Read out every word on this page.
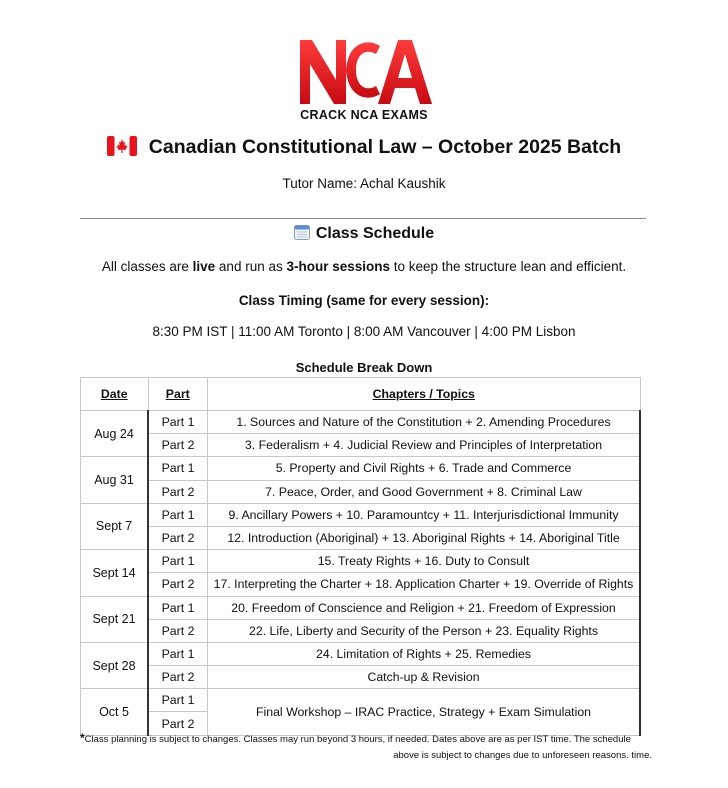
CRACK NCA EXAMS
Canadian Constitutional Law – October 2025 Batch
Tutor Name: Achal Kaushik
Class Schedule
All classes are live and run as 3-hour sessions to keep the structure lean and efficient.
Class Timing (same for every session):
8:30 PM IST | 11:00 AM Toronto | 8:00 AM Vancouver | 4:00 PM Lisbon
Schedule Break Down
Date	Part	Chapters / Topics
Aug 24	Part 1	1. Sources and Nature of the Constitution + 2. Amending Procedures
	Part 2	3. Federalism + 4. Judicial Review and Principles of Interpretation
Aug 31	Part 1	5. Property and Civil Rights + 6. Trade and Commerce
	Part 2	7. Peace, Order, and Good Government + 8. Criminal Law
Sept 7	Part 1	9. Ancillary Powers + 10. Paramountcy + 11. Interjurisdictional Immunity
	Part 2	12. Introduction (Aboriginal) + 13. Aboriginal Rights + 14. Aboriginal Title
Sept 14	Part 1	15. Treaty Rights + 16. Duty to Consult
	Part 2	17. Interpreting the Charter + 18. Application Charter + 19. Override of Rights
Sept 21	Part 1	20. Freedom of Conscience and Religion + 21. Freedom of Expression
	Part 2	22. Life, Liberty and Security of the Person + 23. Equality Rights
Sept 28	Part 1	24. Limitation of Rights + 25. Remedies
	Part 2	Catch-up & Revision
Oct 5	Part 1	Final Workshop – IRAC Practice, Strategy + Exam Simulation
	Part 2	
*Class planning is subject to changes. Classes may run beyond 3 hours, if needed. Dates above are as per IST time. The schedule
above is subject to changes due to unforeseen reasons. time.
